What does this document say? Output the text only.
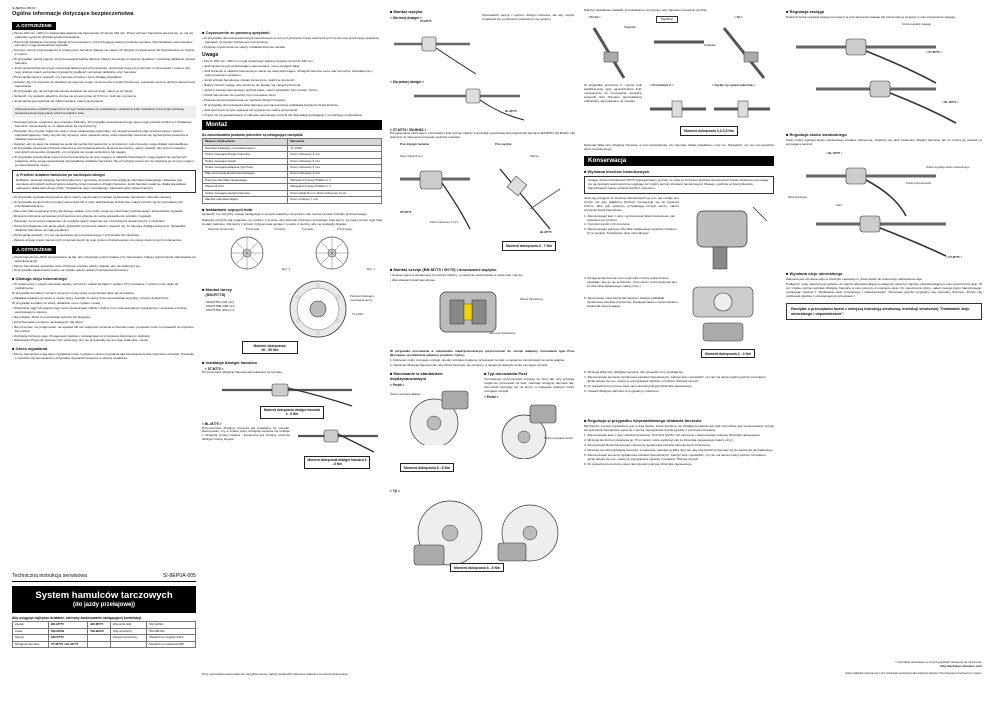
SI-8EP0A-005-03
Ogólne informacje dotyczące bezpieczeństwa
⚠ OSTRZEŻENIE
• Tarcze 203 mm i 180 mm zapewniają większą siłę hamowania niż tarcze 160 mm. Przed użyciem hamulców upewnij się, że ma się całkowite wyczucie charakterystyki hamowania.
• Przeczytaj dokładnie instrukcję obsługi przed montażem i przestrzegaj jej zaleceń podczas montażu. Nieprawidłowo zamontowane elementy mogą spowodować wypadek.
• Szczęki i tarcza rozgrzewają się w czasie pracy hamulca, dlatego nie należy ich dotykać w czasie jazdy lub bezpośrednio po zejściu z roweru.
• W przypadku mokrej pogody, drogi hamowania będzie dłuższa. Należy wcześniej zmniejszyć prędkość i wcześniej delikatnie używać hamulca.
• Jeżeli powierzchnia drogi jest mokra koła łatwiej tracą przyczepność. Jeżeli koła tracą przyczepność, można upaść z roweru. Aby tego uniknąć należy wcześniej zmniejszyć prędkość i wcześniej delikatnie użyć hamulca.
• Przed jazdą zawsze sprawdź, czy hamulce przednie i tylne działają prawidłowo.
• Uważać, aby nie dopuścić do dostania się oleju lub smaru na tarczę lub szczęki hamulcowe, ponieważ może to obniżyć skuteczność hamowania.
• W przypadku gdy na szczęki hamulcowe dostanie się olej lub smar, należy je wymienić.
• Sprawdź, czy grubość okładziny szczęk nie wynosi mniej niż 0,5 mm. Jeśli tak, wymień je.
• Jeżeli tarcza jest pęknięta lub zdeformowana, należy ją wymienić.
Zabezpieczenie szybkich połączeń musi być zamocowane po prawidłowym ustawieniu koła. Dokładnie przeczytaj instrukcję serwisową dotyczącą piasty przed montażem koła.
• Stosować jedynie oryginalny olej mineralny Shimano. W przypadku stosowania innego oleju mogą powstać problemy z działaniem hamulca i spowodować to, że układ stanie się nieużyteczny.
• Pamiętać, aby używać wyłącznie oleju z nowo otwieranego pojemnika i nie używać ponownie oleju spuszczonego z zaworu odpowietrzającego. Stary olej lub olej używany może zawierać wodę, która spowoduje tworzenie się pęcherzyków powietrza w układzie hamulcowym.
• Uważać, aby do oleju nie dostała się woda lub pęcherzyki powietrza, w przeciwnym razie hamulce mogą działać nieprawidłowo.
• W przypadku skracania przewodu hamulca w celu dopasowania do długości kierownicy, należy uważać, aby przed montażem wszystkich elementów sprawdzić, czy przewód nie został uszkodzony lub zagięty.
• W przypadku przechylania roweru lub przewracania go do góry nogami, w układzie hamulcowym mogą pojawić się pęcherzyki powietrza, które mogą spowodować nieprawidłowe działanie hamulców. Nie przechylaj roweru ani nie odwracaj go do góry nogami po zamontowaniu części.
⚠ Przednie działanie hamulców po naciśnięciu dźwigni
Dokładne nacisnąć dźwignię hamulca kilka razy i pozostaw, aż pęcherzyki wyjdą do zbiornika zapasowego. Zalecane jest usunięcie wszystkich pęcherzyków powietrza przed montażem dźwigni hamulca. Jeżeli hamulec nadal nie działa prawidłowo, odpowietrz układ hamulcowy (Patrz "Dodawanie oleju mineralnego i odpowietrzanie (spuszczanie)").
• W przypadku wystąpienia wycieków płynu należy natychmiast przerwać użytkowanie hamulców i dokonać naprawy.
• W przypadku konieczności wymiany elementów lub w razie jakichkolwiek problemów, należy zwrócić się do sprzedawcy lub przedstawiciela firmy.
• Zamontuj tylko oryginalne śruby dla danego układu. Inne śruby mogą się poluzować podczas jazdy i spowodować wypadek.
• Niniejsza instrukcja serwisowa przeznaczona jest głównie do celów sprawdzenia montażu i regulacji.
• Pamiętać, że przed przystąpieniem do regulacji należy zapoznać się z instrukcjami dostarczonymi z częściami.
• Przed przystąpieniem do jazdy należy sprawdzić szczelność układu i upewnić się, że hamulce działają skutecznie. Sprawdzić działanie hamulców na małej prędkości.
• Przed jazdą sprawdź, czy nie ma wycieków płynu hamulcowego z przewodów lub zacisków.
• Zawsze używaj części zamiennych przeznaczonych do tego systemu hamulcowego; nie stosuj części innych producentów.
⚠ OSTRZEŻENIE
• Klocki hamulcowe A01S zamontowane są tak, aby zwiększały poziom hałasu przy hamowaniu. Należy wybrać klocki odpowiednie do warunków jazdy.
• Tarcze hamulcowe są bardzo ostre. Podczas montażu należy uważać, aby nie skaleczyć się.
• W przypadku zawieszania roweru na stojaku należy unikać przechylania kierownicy.
■ Obsługa oleju mineralnego
• W czasie pracy z olejem stosować okulary ochronne i unikać kontaktu z oczami. Przy kontakcie z oczami może dojść do podrażnienia.
W przypadku kontaktu z oczami, przemyć czystą wodą i natychmiast udać się do lekarza.
• Zakładać rękawice gumowe w czasie pracy. Kontakt ze skórą może spowodować wysypkę i uczucie dyskomfortu.
W przypadku kontaktu ze skórą, dokładnie umyć mydłem i wodą.
• Wdychanie mgły lub oparów oleju może spowodować mdłości. Zakryć nos i usta specjalnym respiratorem i stosować w dobrze wentylowanym miejscu.
• Nie połykać. Może to powodować wymioty lub biegunkę.
• Przechowywać w miejscu niedostępnym dla dzieci.
• Nie przecinać, nie podgrzewać, nie spawać lub nie zwiększać ciśnienia w zbiorniku oleju, ponieważ może to prowadzić do wybuchu lub pożaru.
• Utylizacja zużytego oleju: Postępować zgodnie z obowiązującymi przepisami dotyczącymi utylizacji.
• Wskazówki: Pojemnik powinien być zamknięty, aby nie przedostały się do niego ciała obce i woda.
■ Okres wypalania
• Tarcze hamulcowe mają okres wypalania i wraz z upływem okresu wypalania siła hamowania będzie stopniowo wzrastać. Pamiętać o wzroście siły hamowania w przypadku używania hamulców w okresie wypalania.
Techniczna instrukcja serwisowa	SI-8EP0A-005
System hamulców tarczowych
(do jazdy przełajowej)
Aby osiągnąć najlepsze działanie, zalecany zastosowanie następującej kombinacji.
Zacisk	BR-M775	BR-M775	Wspornik linki	SM-HANG
Linka	SM-BH59	SM-BH63	Olej mineralny	SM-DB-OIL
Tarcza	SM-RT76		Klocek hamulcowy	Metaliczna (zwykła) A01S
Dźwignia hamulca	ST-M775 / BL-M775			Metaliczna metalowa M06
■ Czyszczenie ze pomocą sprężarki
• W przypadku demontowania szczęk hamulcowych w celu oczyszczenia części wewnętrznych za pomocą sprężonego powietrza pamiętać, że korpus zacisku jest uszczelniony.
• Podczas czyszczenia nie należy rozkładać korpusu zacisku.
Uwaga
• Tarcze 203 mm i 180 mm mogą wykazywać większe drgania niż tarcze 160 mm.
• Jeśli zacisk nie jest wystarczająco zamocowany, może wystąpić hałas.
• Jeśli ciśnienie w układzie hamulcowym stanie się niewystarczające, dźwignia hamulca może stać się luźna; skontaktuj się z autoryzowanym serwisem.
• Jeżeli szczęki hamulcowe zostały zamoczone, należy je wymienić.
• Należy zwrócić uwagę, aby na tarczę nie dostały się zanieczyszczenia.
• Jeżeli w zacisku hamulcowym słychać hałas, należy sprawdzić stan szczęk i tarczy.
• Klocki hamulcowe nie powinny być mocowane luźno.
• Podczas demontowania koła nie naciskać dźwigni hamulca.
• W przypadku demontowania koła zalecane jest zamocowanie podkładek bezpieczeństwa klocków.
• Jeśli tarcza jest zużyta, pęknięta lub wypaczona, należy ją wymienić.
• Części nie są gwarantowane w zakresie naturalnego zużycia lub degradacji wynikającej z normalnego użytkowania.
Montaż
Do zamontowania produktu potrzebne są następujące narzędzia.
Miejsce użytkowania	Narzędzie
Pierścień blokujący mocowania tarczy	TL-LR15
Śruba mocująca dźwigni hamulca	Klucz imbusowy 4 mm
Śruba mocująca zacisk	Klucz imbusowy 5 mm
Śruba mocująca adaptera (typ Post)	Klucz imbusowy 5 mm
Wał mocowania klocka hamulcowego	Klucz imbusowy 3 mm
Pokrywa zbiornika zapasowego	Wkrętak krzyżowy Phillips nr 1
Wspornik linki	Wkrętak krzyżowy Phillips nr 2
Śruba mocująca wężyka hamulca	Klucz płaski 8 mm / klucz imbusowy 3 mm
Złączka odpowietrzająca	Klucz oczkowy 7 mm
■ Nakładanie szprych koła
Sprawdź, czy szprychy zostały naciągnięte w sposób pokazany na rysunku. Nie można używać montażu promieniowego.
Najlepiej szprychy jak pokazano na rysunku 1 poniżej, aby kierunek przesuwu przedniego koła tarczy, po lewej stronie tego koła zostały założone. Dla tarczy z przodu i tylnego koła wynika z rysunku 2 poniżej, aby nie wystąpiły drgania.
Kierunek obrotu koła	Przód koła	Tył tarczy	Tył piasty	Przód piasty
Rys. 1	Rys. 2
■ Montaż tarczy
(SM-RT78)
SM-RT78L (203 mm)
SM-RT78M (180 mm)
SM-RT78S (160 mm)
Pierścień blokujący mocowania tarczy
TL-LR15
Moment dokręcania:
40 - 50 Nm
■ Instalacja dźwigni hamulca
< ST-M775 >
Przymocować dźwignię hamulca jak pokazano na rysunku.
Moment dokręcania dźwigni hamulca 6 - 8 Nm
< BL-M775 >
Przymocować dźwignię hamulca jak pokazano na rysunku. Zamocować, czy w czasie pracy dźwignia hamulca nie koliduje z dźwignią zmiany biegów i konieczna jest zmiana, ułożenie dźwigni zmiany biegów.
Moment dokręcania dźwigni hamulca 6 - 8 Nm
Przy mocowaniu elementów do ramy/kierownicy należy sprawdzić zalecane wartości momentu dokręcania.
■ Montaż wężyka
< Dla lewej dźwigni >
ST-M775
Wprowadzić wężyk z wężem dźwigni hamulca, tak aby wężyk znajdował się w położeniu pokazanym na rysunku.
< Dla prawej dźwigni >
BL-M775
< ST-M776 / SM-BH63 >
Przygotowanie informacji o montowaniu linki można znaleźć w instrukcji serwisowej dotyczącej linki hamulca SM-BH63 (SI-8HA0). Nie dopuścić do skręcenia przewodu podczas montażu.
Prze dźwigni hamulca	Prze wężyka
Wężyk
Klucz płaski 8 mm
Klucz imbusowy 3 mm
ST-M775
BL-M775
Moment dokręcania 5 - 7 Nm
■ Montaż szczęk (BR-M775 / M775) i mocowanie wężyka.
• Usunąć element dystansowy (w kolorze żółtym), a następnie zamontować w ramie koło i tarczę.
• Zamontować klocki hamulcowe.
Klocek hamulcowy
Element dystansowy
W przypadku mocowania w standardzie międzynarodowym przymocować do szczęk adaptery mocowania typu Post. (Dostępne są oddzielnie adaptery przednie i tylne.)
1. Dokręcać śruby mocujące szczęki, tak aby szczęka mogła się przesuwać na boki, a następnie zamontować na ramie adapter.
2. Nacisnąć dźwignię hamulca tak, aby klocki zacisnęły się na tarczy, a następnie dokręcić śruby mocujące szczęki.
■ Mocowanie w standardzie międzynarodowym
< Przód >
Śruba mocująca adapter
■ Typ mocowania Post
Tymczasowo przymocować szczękę do ramy tak, aby szczęka mogła się przesuwać na boki, nacisnąć dźwignię hamulca tak, aby klocki zacisnęły się na tarczy, a następnie dokręcić śruby mocujące szczęki.
< Przód >
Śruba mocująca zacisk
Moment dokręcania 6 - 8 Nm
< Tył >
Moment dokręcania 6 - 8 Nm
Nałożyć dodatkowe nakładki, przedstawione na rysunku, aby zapobiec luzowaniu się linki.
< Przód >	< Tył >
Typ Post
Nakładka
Nakładka
W przypadku procesów C i typów rurki stabilizacyjnej (gdy ograniczników linki, usztywnienie do mocowania specjalny wspornik linki Shimano (sprzedawany oddzielnie), jak pokazano na rysunku.
< Prowadnica C >	< Zwykły typ ogranicznika linki >
Moment dokręcania 0,3-0,5 Nm
Nacisnąć kilka razy dźwignię hamulca, w celu sprawdzenia, czy hamulec działa prawidłowo i czy nie. Sprawdzić, czy nie ma wycieków płynu hamulcowego.
Konserwacja
■ Wymiana klocków hamulcowych
Uwaga: System hamulcowy M775 zaprojektowany jest tak, że wraz ze zużyciem klocków hamulcowych tłoczki stopniowo wysuwają się na zewnątrz automatycznie regulując luz między tarczą i klockami hamulcowymi. Dlatego, podczas wymiany klocków hamulcowych należy wcisnąć tłoczki z powrotem.
Jeśli olej przylgnie do klocków hamulcowych po tym, jak zostały one zużyte lub gdy okładzina klocków zmniejszyła się do grubości 0,5mm, albo gdy sprężyny przysłaniają szczęki tarczy, należy wymienić klocki hamulcowe.
1. Zdemontować koło z ramy i wymontować klocki hamulcowe, jak pokazano na rysunku.
2. Oczyścić tłoczki i ich otoczenie.
3. Zdemontować pokrywę zbiornika zapasowego zgodnie z krokiem (1) w punkcie "Dodawanie oleju mineralnego".
4. Wciągnąć tłoczek tak mocno jak tylko można, jednocześnie uważając, aby go nie przekręcić. (Tym razem może wypłynąć olej ze zbiornika zapasowego należy użyć.)
5. Zamocować nowe klocki hamulcowe i założyć podkładki dystansowe klocków (czerwone). Pamiętać także o zamontowaniu zawleczki sprężynującej.
Moment dokręcania 2 - 4 Nm
6. Wcisnąć kilka razy dźwignię hamulca, aby sprawdzić czy uzyskała się.
7. Zdemontować elementy dystansowe klocków hamulcowych, założyć koło i sprawdzić, czy nie ma tarcia między tarczą i szczękami. Jeżeli dotyka się one, należy je wyregulować zgodnie z punktem "Montaż szczęk".
8. Po sprawdzeniu poziomu oleju zamontować pokrywę zbiornika zapasowego.
9. Ustawić dźwignię hamulca w oryginalnym położeniu.
■ Regulacja w przypadku nieprawidłowego działania tłoczków
Mechanizm szczęk wyposażony jest w dwa tłoczki. Jeżeli tłoczki te nie działają poprawnie lub jeśli niemożliwe jest zamontowanie szczęk lub jeśli klocki hamulcowe styka się z tarczą, wyregulować tłoczki zgodnie z poniższą procedurą.
1. Zdemontować koło z ramy i klocki hamulcowe. Oczyścić tłoczki i ich otoczenie i zdemontować pokrywę zbiornika zapasowego.
2. Wcisnąć tłoczki bez obracania go. (Tym razem może wypłynąć olej ze zbiornika zapasowego należy użyć.)
3. Zamontować klocki hamulcowe i elementy dystansowe klocków hamulcowych (czerwone).
4. Wcisnąć do końca dźwignię hamulca, a następnie naciskać ją kilka razy tak, aby oba tłoczki przesunęły się do położenia początkowego.
5. Zdemontować elementy dystansowe klocków hamulcowych, założyć koło i sprawdzić, czy nie ma tarcia między tarczą i szczękami. Jeżeli dotyka się one, należy je wyregulować zgodnie z punktem "Montaż szczęk".
6. Po sprawdzeniu poziomu oleju zamontować pokrywę zbiornika zapasowego.
■ Regulacja zasięgu
Dokręcić śrubę regulacji zasięgu (w prawo) w celu skrócenia zasięgu lub poluzować ją (w lewo) w celu zwiększenia zasięgu.
Śruba regulacji zasięgu
< ST-M775 >
< BL-M775 >
■ Regulacja skoku swobodnego
Kiedy śruba regulacji skoku swobodnego zostanie dokręcona, zwiększy się skok swobodny dźwigni hamulca, tak że można go ustawić na wymaganą wartość.
< BL-M775 >
Śruba regulacji skoku swobodnego
Punkt styku klocków
Skok swobodny
Start
< ST-M775 >
■ Wymiana oleju mineralnego
Zalecana jest wymiana oleju w zbiorniku zapasowym, jeżeli doszło do znacznego odbarwienia oleju.
Podłączyć rurkę zakończoną workiem do złączki odpowietrzającej a następnie otworzyć złączkę odpowietrzającą w celu spuszczenia oleju. W tym czasie można naciskać dźwignię hamulca w celu pomocy w usunięciu oleju. Po spuszczeniu płynu, nalać nowego płynu hamulcowego, postępując zgodnie z "Dodawanie oleju mineralnego i odpowietrzanie". (Stosować jedynie oryginalny olej mineralny Shimano. Zużyty olej utylizować zgodnie z obowiązującymi przepisami.)
Pamiętać o przeczytaniu razem z niniejszą instrukcją serwisową, instrukcji serwisowej "Dodawanie oleju mineralnego i odpowietrzanie".
* Instrukcje serwisowe w innych językach dostępne są na stronie:
http://techdocs.shimano.com
Należy dokładnie zapoznać się z tymi instrukcjami serwisowymi dla uniknięcia zagrożeń. Przechowywać w bezpiecznym miejscu.
